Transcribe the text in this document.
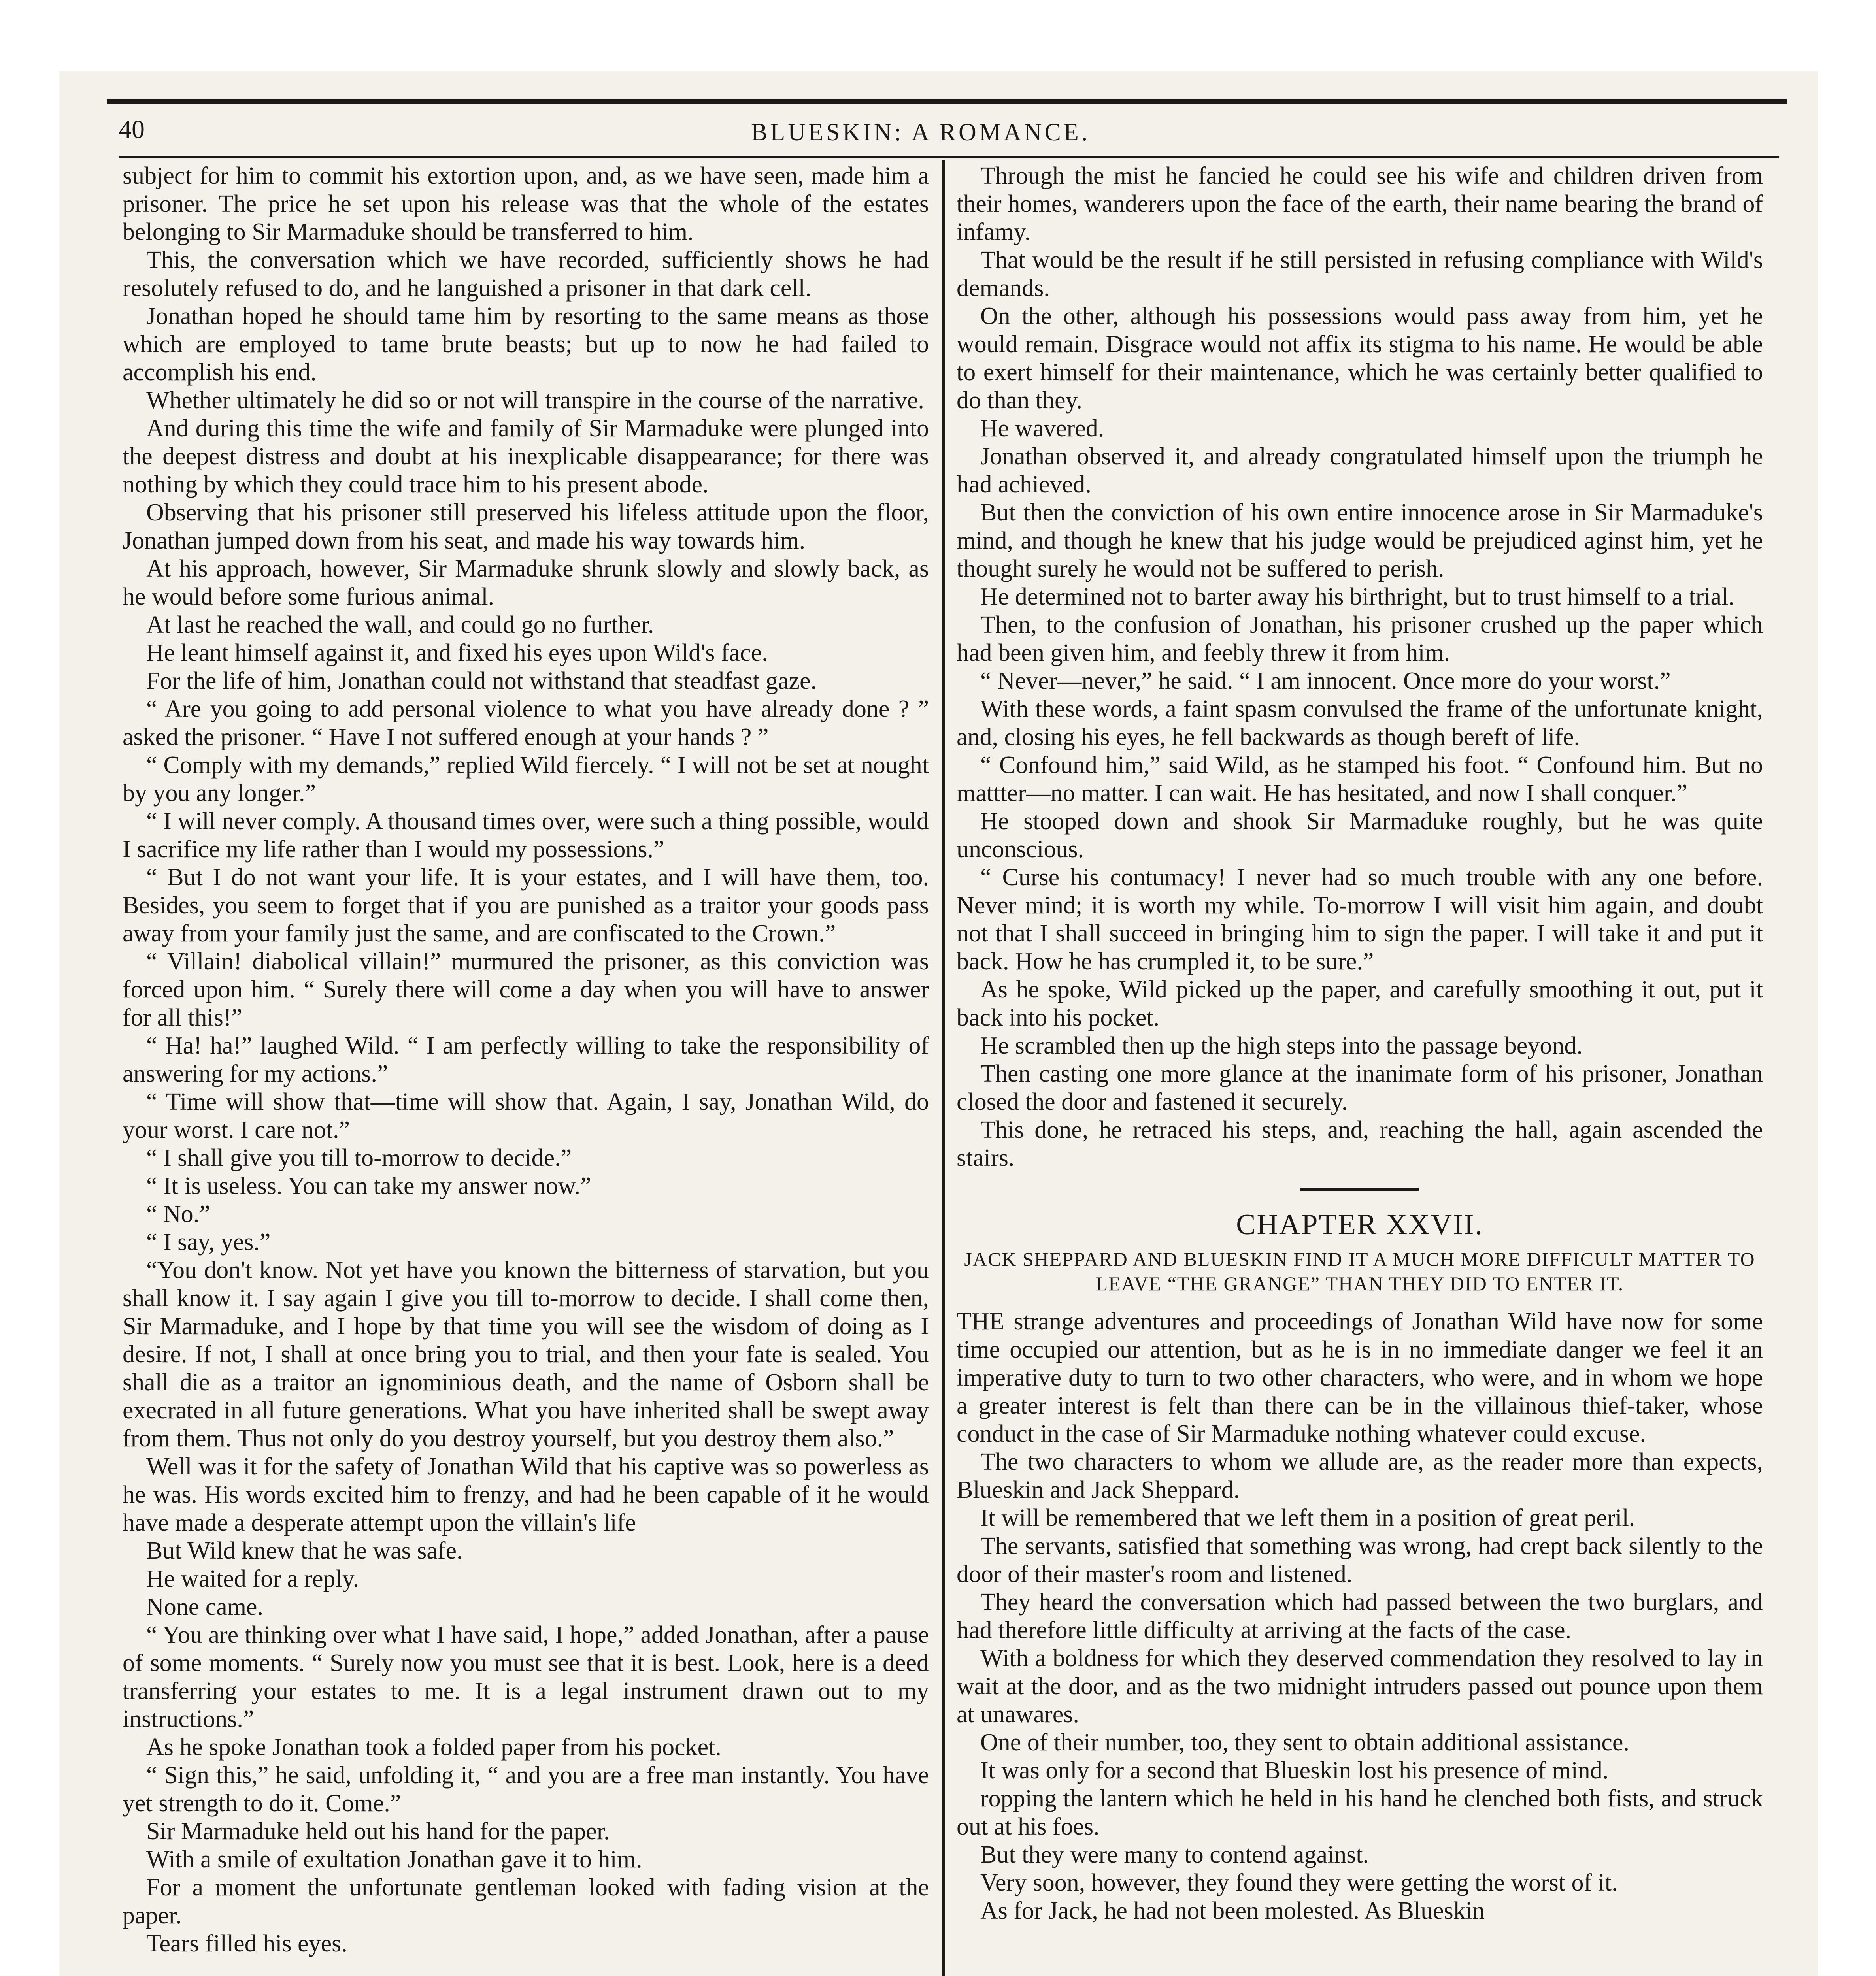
40	BLUESKIN: A ROMANCE.

subject for him to commit his extortion upon, and, as we have seen, made him a prisoner. The price he set upon his release was that the whole of the estates belonging to Sir Marmaduke should be transferred to him.

This, the conversation which we have recorded, sufficiently shows he had resolutely refused to do, and he languished a prisoner in that dark cell.

Jonathan hoped he should tame him by resorting to the same means as those which are employed to tame brute beasts; but up to now he had failed to accomplish his end.

Whether ultimately he did so or not will transpire in the course of the narrative.

And during this time the wife and family of Sir Marmaduke were plunged into the deepest distress and doubt at his inexplicable disappearance; for there was nothing by which they could trace him to his present abode.

Observing that his prisoner still preserved his lifeless attitude upon the floor, Jonathan jumped down from his seat, and made his way towards him.

At his approach, however, Sir Marmaduke shrunk slowly and slowly back, as he would before some furious animal.

At last he reached the wall, and could go no further.

He leant himself against it, and fixed his eyes upon Wild's face.

For the life of him, Jonathan could not withstand that steadfast gaze.

“ Are you going to add personal violence to what you have already done ? ” asked the prisoner. “ Have I not suffered enough at your hands ? ”

“ Comply with my demands,” replied Wild fiercely. “ I will not be set at nought by you any longer.”

“ I will never comply. A thousand times over, were such a thing possible, would I sacrifice my life rather than I would my possessions.”

“ But I do not want your life. It is your estates, and I will have them, too. Besides, you seem to forget that if you are punished as a traitor your goods pass away from your family just the same, and are confiscated to the Crown.”

“ Villain! diabolical villain!” murmured the prisoner, as this conviction was forced upon him. “ Surely there will come a day when you will have to answer for all this!”

“ Ha! ha!” laughed Wild. “ I am perfectly willing to take the responsibility of answering for my actions.”

“ Time will show that—time will show that. Again, I say, Jonathan Wild, do your worst. I care not.”

“ I shall give you till to-morrow to decide.”

“ It is useless. You can take my answer now.”

“ No.”

“ I say, yes.”

“You don't know. Not yet have you known the bitterness of starvation, but you shall know it. I say again I give you till to-morrow to decide. I shall come then, Sir Marmaduke, and I hope by that time you will see the wisdom of doing as I desire. If not, I shall at once bring you to trial, and then your fate is sealed. You shall die as a traitor an ignominious death, and the name of Osborn shall be execrated in all future generations. What you have inherited shall be swept away from them. Thus not only do you destroy yourself, but you destroy them also.”

Well was it for the safety of Jonathan Wild that his captive was so powerless as he was. His words excited him to frenzy, and had he been capable of it he would have made a desperate attempt upon the villain's life

But Wild knew that he was safe.

He waited for a reply.

None came.

“ You are thinking over what I have said, I hope,” added Jonathan, after a pause of some moments. “ Surely now you must see that it is best. Look, here is a deed transferring your estates to me. It is a legal instrument drawn out to my instructions.”

As he spoke Jonathan took a folded paper from his pocket.

“ Sign this,” he said, unfolding it, “ and you are a free man instantly. You have yet strength to do it. Come.”

Sir Marmaduke held out his hand for the paper.

With a smile of exultation Jonathan gave it to him.

For a moment the unfortunate gentleman looked with fading vision at the paper.

Tears filled his eyes.

Through the mist he fancied he could see his wife and children driven from their homes, wanderers upon the face of the earth, their name bearing the brand of infamy.

That would be the result if he still persisted in refusing compliance with Wild's demands.

On the other, although his possessions would pass away from him, yet he would remain. Disgrace would not affix its stigma to his name. He would be able to exert himself for their maintenance, which he was certainly better qualified to do than they.

He wavered.

Jonathan observed it, and already congratulated himself upon the triumph he had achieved.

But then the conviction of his own entire innocence arose in Sir Marmaduke's mind, and though he knew that his judge would be prejudiced aginst him, yet he thought surely he would not be suffered to perish.

He determined not to barter away his birthright, but to trust himself to a trial.

Then, to the confusion of Jonathan, his prisoner crushed up the paper which had been given him, and feebly threw it from him.

“ Never—never,” he said. “ I am innocent. Once more do your worst.”

With these words, a faint spasm convulsed the frame of the unfortunate knight, and, closing his eyes, he fell backwards as though bereft of life.

“ Confound him,” said Wild, as he stamped his foot. “ Confound him. But no mattter—no matter. I can wait. He has hesitated, and now I shall conquer.”

He stooped down and shook Sir Marmaduke roughly, but he was quite unconscious.

“ Curse his contumacy! I never had so much trouble with any one before. Never mind; it is worth my while. To-morrow I will visit him again, and doubt not that I shall succeed in bringing him to sign the paper. I will take it and put it back. How he has crumpled it, to be sure.”

As he spoke, Wild picked up the paper, and carefully smoothing it out, put it back into his pocket.

He scrambled then up the high steps into the passage beyond.

Then casting one more glance at the inanimate form of his prisoner, Jonathan closed the door and fastened it securely.

This done, he retraced his steps, and, reaching the hall, again ascended the stairs.

CHAPTER XXVII.
JACK SHEPPARD AND BLUESKIN FIND IT A MUCH MORE DIFFICULT MATTER TO LEAVE “THE GRANGE” THAN THEY DID TO ENTER IT.

THE strange adventures and proceedings of Jonathan Wild have now for some time occupied our attention, but as he is in no immediate danger we feel it an imperative duty to turn to two other characters, who were, and in whom we hope a greater interest is felt than there can be in the villainous thief-taker, whose conduct in the case of Sir Marmaduke nothing whatever could excuse.

The two characters to whom we allude are, as the reader more than expects, Blueskin and Jack Sheppard.

It will be remembered that we left them in a position of great peril.

The servants, satisfied that something was wrong, had crept back silently to the door of their master's room and listened.

They heard the conversation which had passed between the two burglars, and had therefore little difficulty at arriving at the facts of the case.

With a boldness for which they deserved commendation they resolved to lay in wait at the door, and as the two midnight intruders passed out pounce upon them at unawares.

One of their number, too, they sent to obtain additional assistance.

It was only for a second that Blueskin lost his presence of mind.

ropping the lantern which he held in his hand he clenched both fists, and struck out at his foes.

But they were many to contend against.

Very soon, however, they found they were getting the worst of it.

As for Jack, he had not been molested. As Blueskin
